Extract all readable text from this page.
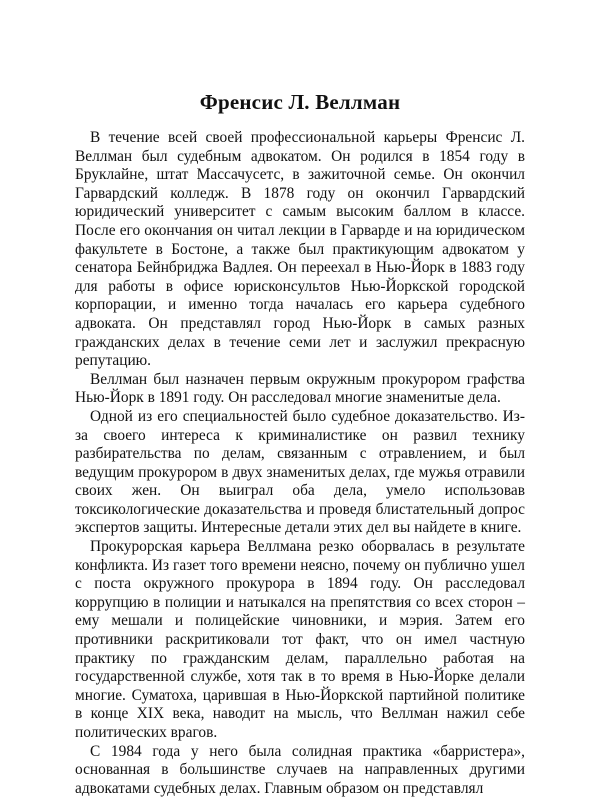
Френсис Л. Веллман

В течение всей своей профессиональной карьеры Френсис Л. Веллман был судебным адвокатом. Он родился в 1854 году в Бруклайне, штат Массачусетс, в зажиточной семье. Он окончил Гарвардский колледж. В 1878 году он окончил Гарвардский юридический университет с самым высоким баллом в классе. После его окончания он читал лекции в Гарварде и на юридическом факультете в Бостоне, а также был практикующим адвокатом у сенатора Бейнбриджа Вадлея. Он переехал в Нью-Йорк в 1883 году для работы в офисе юрисконсультов Нью-Йоркской городской корпорации, и именно тогда началась его карьера судебного адвоката. Он представлял город Нью-Йорк в самых разных гражданских делах в течение семи лет и заслужил прекрасную репутацию.

Веллман был назначен первым окружным прокурором графства Нью-Йорк в 1891 году. Он расследовал многие знаменитые дела.

Одной из его специальностей было судебное доказательство. Из-за своего интереса к криминалистике он развил технику разбирательства по делам, связанным с отравлением, и был ведущим прокурором в двух знаменитых делах, где мужья отравили своих жен. Он выиграл оба дела, умело использовав токсикологические доказательства и проведя блистательный допрос экспертов защиты. Интересные детали этих дел вы найдете в книге.

Прокурорская карьера Веллмана резко оборвалась в результате конфликта. Из газет того времени неясно, почему он публично ушел с поста окружного прокурора в 1894 году. Он расследовал коррупцию в полиции и натыкался на препятствия со всех сторон – ему мешали и полицейские чиновники, и мэрия. Затем его противники раскритиковали тот факт, что он имел частную практику по гражданским делам, параллельно работая на государственной службе, хотя так в то время в Нью-Йорке делали многие. Суматоха, царившая в Нью-Йоркской партийной политике в конце XIX века, наводит на мысль, что Веллман нажил себе политических врагов.

С 1984 года у него была солидная практика «барристера», основанная в большинстве случаев на направленных другими адвокатами судебных делах. Главным образом он представлял
